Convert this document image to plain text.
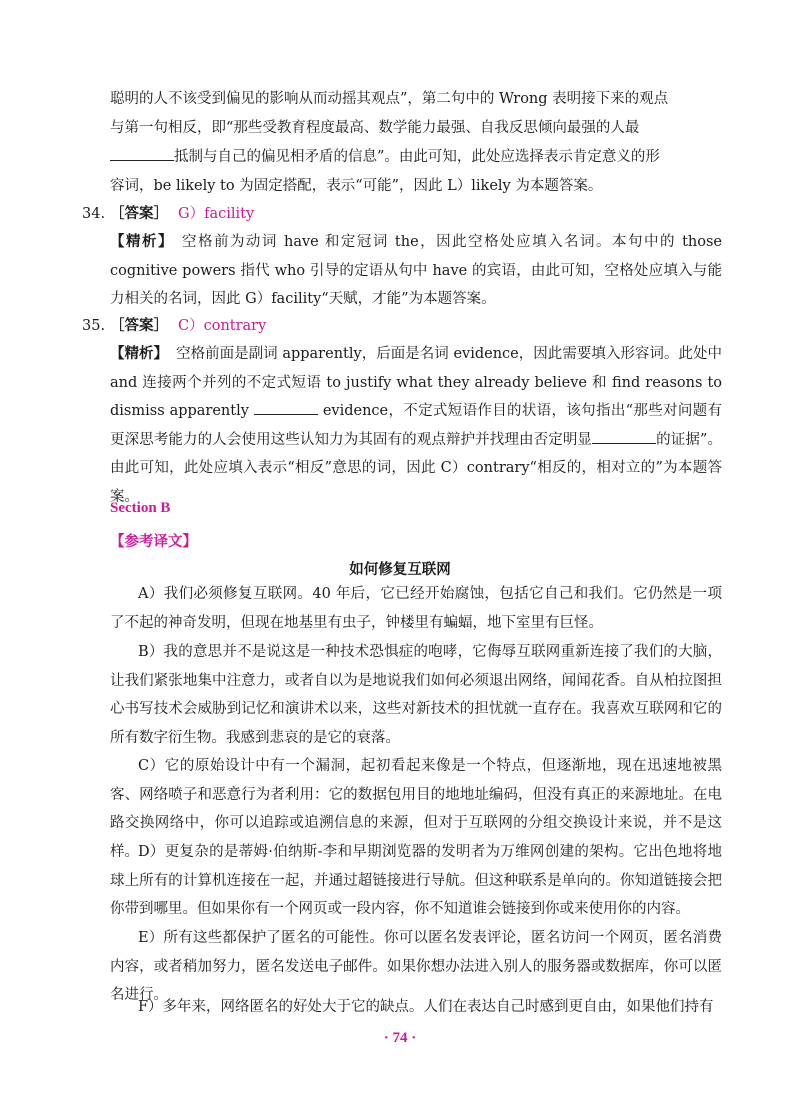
聪明的人不该受到偏见的影响从而动摇其观点”，第二句中的 Wrong 表明接下来的观点

与第一句相反，即“那些受教育程度最高、数学能力最强、自我反思倾向最强的人最

抵制与自己的偏见相矛盾的信息”。由此可知，此处应选择表示肯定意义的形

容词，be likely to 为固定搭配，表示“可能”，因此 L）likely 为本题答案。

34. ［答案］ G）facility

【精析】 空格前为动词 have 和定冠词 the，因此空格处应填入名词。本句中的 those cognitive powers 指代 who 引导的定语从句中 have 的宾语，由此可知，空格处应填入与能力相关的名词，因此 G）facility“天赋，才能”为本题答案。

35. ［答案］ C）contrary

【精析】 空格前面是副词 apparently，后面是名词 evidence，因此需要填入形容词。此处中 and 连接两个并列的不定式短语 to justify what they already believe 和 find reasons to dismiss apparently	evidence，不定式短语作目的状语，该句指出“那些对问题有更深思考能力的人会使用这些认知力为其固有的观点辩护并找理由否定明显	的证据”。由此可知，此处应填入表示“相反”意思的词，因此 C）contrary“相反的，相对立的”为本题答案。

Section B
【参考译文】
如何修复互联网

A）我们必须修复互联网。40 年后，它已经开始腐蚀，包括它自己和我们。它仍然是一项了不起的神奇发明，但现在地基里有虫子，钟楼里有蝙蝠，地下室里有巨怪。

B）我的意思并不是说这是一种技术恐惧症的咆哮，它侮辱互联网重新连接了我们的大脑，让我们紧张地集中注意力，或者自以为是地说我们如何必须退出网络，闻闻花香。自从柏拉图担心书写技术会威胁到记忆和演讲术以来，这些对新技术的担忧就一直存在。我喜欢互联网和它的所有数字衍生物。我感到悲哀的是它的衰落。

C）它的原始设计中有一个漏洞，起初看起来像是一个特点，但逐渐地，现在迅速地被黑客、网络喷子和恶意行为者利用：它的数据包用目的地地址编码，但没有真正的来源地址。在电路交换网络中，你可以追踪或追溯信息的来源，但对于互联网的分组交换设计来说，并不是这样。 D）更复杂的是蒂姆·伯纳斯-李和早期浏览器的发明者为万维网创建的架构。它出色地将地球上所有的计算机连接在一起，并通过超链接进行导航。但这种联系是单向的。你知道链接会把你带到哪里。但如果你有一个网页或一段内容，你不知道谁会链接到你或来使用你的内容。

E）所有这些都保护了匿名的可能性。你可以匿名发表评论，匿名访问一个网页，匿名消费内容，或者稍加努力，匿名发送电子邮件。如果你想办法进入别人的服务器或数据库，你可以匿名进行。

F）多年来，网络匿名的好处大于它的缺点。人们在表达自己时感到更自由，如果他们持有

· 74 ·
